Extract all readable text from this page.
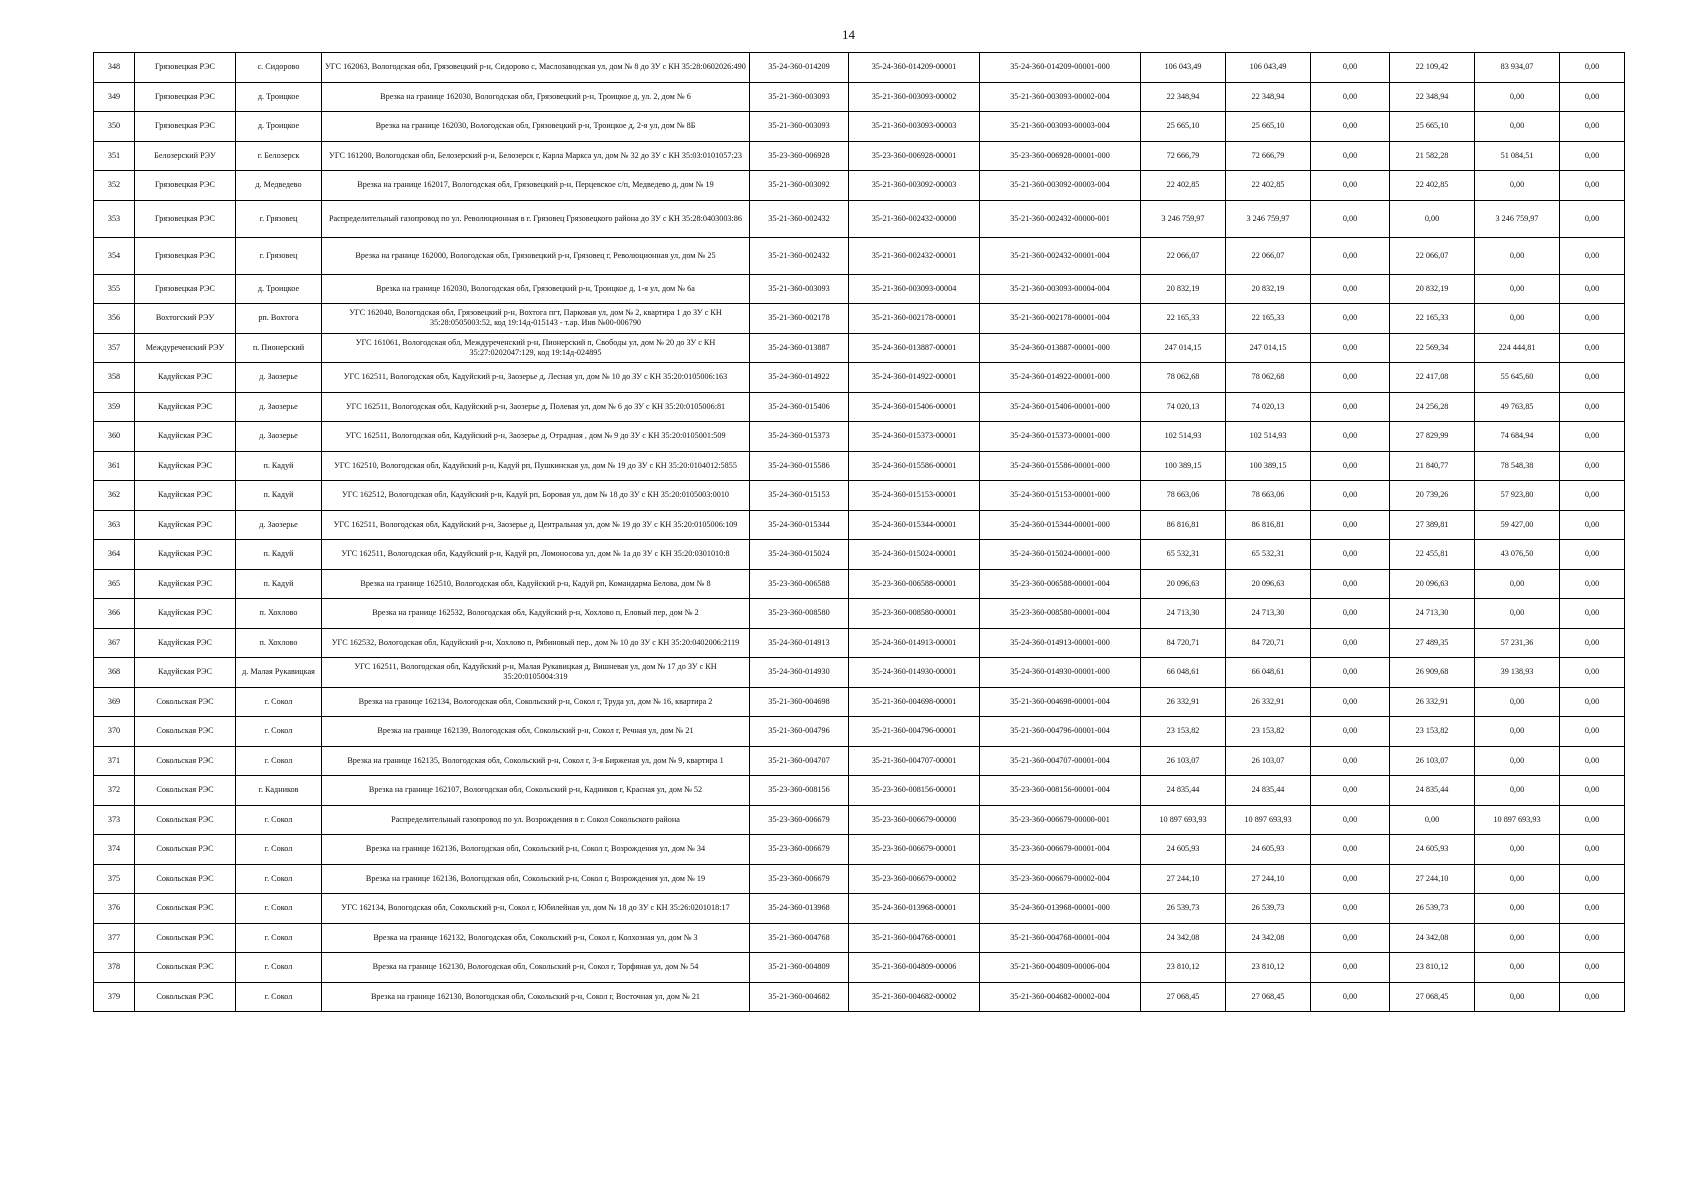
14
348	Грязовецкая РЭС	с. Сидорово	УГС 162063, Вологодская обл, Грязовецкий р-н, Сидорово с, Маслозаводская ул, дом № 8 до ЗУ с КН 35:28:0602026:490	35-24-360-014209	35-24-360-014209-00001	35-24-360-014209-00001-000	106 043,49	106 043,49	0,00	22 109,42	83 934,07	0,00
349	Грязовецкая РЭС	д. Троицкое	Врезка на границе 162030, Вологодская обл, Грязовецкий р-н, Троицкое д, ул. 2, дом № 6	35-21-360-003093	35-21-360-003093-00002	35-21-360-003093-00002-004	22 348,94	22 348,94	0,00	22 348,94	0,00	0,00
350	Грязовецкая РЭС	д. Троицкое	Врезка на границе 162030, Вологодская обл, Грязовецкий р-н, Троицкое д, 2-я ул, дом № 8Б	35-21-360-003093	35-21-360-003093-00003	35-21-360-003093-00003-004	25 665,10	25 665,10	0,00	25 665,10	0,00	0,00
351	Белозерский РЭУ	г. Белозерск	УГС 161200, Вологодская обл, Белозерский р-н, Белозерск г, Карла Маркса ул, дом № 32 до ЗУ с КН 35:03:0101057:23	35-23-360-006928	35-23-360-006928-00001	35-23-360-006928-00001-000	72 666,79	72 666,79	0,00	21 582,28	51 084,51	0,00
352	Грязовецкая РЭС	д. Медведево	Врезка на границе 162017, Вологодская обл, Грязовецкий р-н, Перцевское с/п, Медведево д, дом № 19	35-21-360-003092	35-21-360-003092-00003	35-21-360-003092-00003-004	22 402,85	22 402,85	0,00	22 402,85	0,00	0,00
353	Грязовецкая РЭС	г. Грязовец	Распределительный газопровод по ул. Революционная в г. Грязовец Грязовецкого района до ЗУ с КН 35:28:0403003:86	35-21-360-002432	35-21-360-002432-00000	35-21-360-002432-00000-001	3 246 759,97	3 246 759,97	0,00	0,00	3 246 759,97	0,00
354	Грязовецкая РЭС	г. Грязовец	Врезка на границе 162000, Вологодская обл, Грязовецкий р-н, Грязовец г, Революционная ул, дом № 25	35-21-360-002432	35-21-360-002432-00001	35-21-360-002432-00001-004	22 066,07	22 066,07	0,00	22 066,07	0,00	0,00
355	Грязовецкая РЭС	д. Троицкое	Врезка на границе 162030, Вологодская обл, Грязовецкий р-н, Троицкое д, 1-я ул, дом № 6а	35-21-360-003093	35-21-360-003093-00004	35-21-360-003093-00004-004	20 832,19	20 832,19	0,00	20 832,19	0,00	0,00
356	Вохтогский РЭУ	рп. Вохтога	УГС 162040, Вологодская обл, Грязовецкий р-н, Вохтога пгт, Парковая ул, дом № 2, квартира 1 до ЗУ с КН 35:28:0505003:52, код 19:14д-015143 - т.ар. Инв №00-006790	35-21-360-002178	35-21-360-002178-00001	35-21-360-002178-00001-004	22 165,33	22 165,33	0,00	22 165,33	0,00	0,00
357	Междуреченский РЭУ	п. Пионерский	УГС 161061, Вологодская обл, Междуреченский р-н, Пионерский п, Свободы ул, дом № 20 до ЗУ с КН 35:27:0202047:129, код 19:14д-024895	35-24-360-013887	35-24-360-013887-00001	35-24-360-013887-00001-000	247 014,15	247 014,15	0,00	22 569,34	224 444,81	0,00
358	Кадуйская РЭС	д. Заозерье	УГС 162511, Вологодская обл, Кадуйский р-н, Заозерье д, Лесная ул, дом № 10 до ЗУ с КН 35:20:0105006:163	35-24-360-014922	35-24-360-014922-00001	35-24-360-014922-00001-000	78 062,68	78 062,68	0,00	22 417,08	55 645,60	0,00
359	Кадуйская РЭС	д. Заозерье	УГС 162511, Вологодская обл, Кадуйский р-н, Заозерье д, Полевая ул, дом № 6 до ЗУ с КН 35:20:0105006:81	35-24-360-015406	35-24-360-015406-00001	35-24-360-015406-00001-000	74 020,13	74 020,13	0,00	24 256,28	49 763,85	0,00
360	Кадуйская РЭС	д. Заозерье	УГС 162511, Вологодская обл, Кадуйский р-н, Заозерье д, Отрадная , дом № 9 до ЗУ с КН 35:20:0105001:509	35-24-360-015373	35-24-360-015373-00001	35-24-360-015373-00001-000	102 514,93	102 514,93	0,00	27 829,99	74 684,94	0,00
361	Кадуйская РЭС	п. Кадуй	УГС 162510, Вологодская обл, Кадуйский р-н, Кадуй рп, Пушкинская ул, дом № 19 до ЗУ с КН 35:20:0104012:5855	35-24-360-015586	35-24-360-015586-00001	35-24-360-015586-00001-000	100 389,15	100 389,15	0,00	21 840,77	78 548,38	0,00
362	Кадуйская РЭС	п. Кадуй	УГС 162512, Вологодская обл, Кадуйский р-н, Кадуй рп, Боровая ул, дом № 18 до ЗУ с КН 35:20:0105003:0010	35-24-360-015153	35-24-360-015153-00001	35-24-360-015153-00001-000	78 663,06	78 663,06	0,00	20 739,26	57 923,80	0,00
363	Кадуйская РЭС	д. Заозерье	УГС 162511, Вологодская обл, Кадуйский р-н, Заозерье д, Центральная ул, дом № 19 до ЗУ с КН 35:20:0105006:109	35-24-360-015344	35-24-360-015344-00001	35-24-360-015344-00001-000	86 816,81	86 816,81	0,00	27 389,81	59 427,00	0,00
364	Кадуйская РЭС	п. Кадуй	УГС 162511, Вологодская обл, Кадуйский р-н, Кадуй рп, Ломоносова ул, дом № 1а до ЗУ с КН 35:20:0301010:8	35-24-360-015024	35-24-360-015024-00001	35-24-360-015024-00001-000	65 532,31	65 532,31	0,00	22 455,81	43 076,50	0,00
365	Кадуйская РЭС	п. Кадуй	Врезка на границе 162510, Вологодская обл, Кадуйский р-н, Кадуй рп, Командарма Белова, дом № 8	35-23-360-006588	35-23-360-006588-00001	35-23-360-006588-00001-004	20 096,63	20 096,63	0,00	20 096,63	0,00	0,00
366	Кадуйская РЭС	п. Хохлово	Врезка на границе 162532, Вологодская обл, Кадуйский р-н, Хохлово п, Еловый пер, дом № 2	35-23-360-008580	35-23-360-008580-00001	35-23-360-008580-00001-004	24 713,30	24 713,30	0,00	24 713,30	0,00	0,00
367	Кадуйская РЭС	п. Хохлово	УГС 162532, Вологодская обл, Кадуйский р-н, Хохлово п, Рябиновый пер., дом № 10 до ЗУ с КН 35:20:0402006:2119	35-24-360-014913	35-24-360-014913-00001	35-24-360-014913-00001-000	84 720,71	84 720,71	0,00	27 489,35	57 231,36	0,00
368	Кадуйская РЭС	д. Малая Рукавицкая	УГС 162511, Вологодская обл, Кадуйский р-н, Малая Рукавицкая д, Вишневая ул, дом № 17 до ЗУ с КН 35:20:0105004:319	35-24-360-014930	35-24-360-014930-00001	35-24-360-014930-00001-000	66 048,61	66 048,61	0,00	26 909,68	39 138,93	0,00
369	Сокольская РЭС	г. Сокол	Врезка на границе 162134, Вологодская обл, Сокольский р-н, Сокол г, Труда ул, дом № 16, квартира 2	35-21-360-004698	35-21-360-004698-00001	35-21-360-004698-00001-004	26 332,91	26 332,91	0,00	26 332,91	0,00	0,00
370	Сокольская РЭС	г. Сокол	Врезка на границе 162139, Вологодская обл, Сокольский р-н, Сокол г, Речная ул, дом № 21	35-21-360-004796	35-21-360-004796-00001	35-21-360-004796-00001-004	23 153,82	23 153,82	0,00	23 153,82	0,00	0,00
371	Сокольская РЭС	г. Сокол	Врезка на границе 162135, Вологодская обл, Сокольский р-н, Сокол г, 3-я Бирженая ул, дом № 9, квартира 1	35-21-360-004707	35-21-360-004707-00001	35-21-360-004707-00001-004	26 103,07	26 103,07	0,00	26 103,07	0,00	0,00
372	Сокольская РЭС	г. Кадников	Врезка на границе 162107, Вологодская обл, Сокольский р-н, Кадников г, Красная ул, дом № 52	35-23-360-008156	35-23-360-008156-00001	35-23-360-008156-00001-004	24 835,44	24 835,44	0,00	24 835,44	0,00	0,00
373	Сокольская РЭС	г. Сокол	Распределительный газопровод по ул. Возрождения в г. Сокол Сокольского района	35-23-360-006679	35-23-360-006679-00000	35-23-360-006679-00000-001	10 897 693,93	10 897 693,93	0,00	0,00	10 897 693,93	0,00
374	Сокольская РЭС	г. Сокол	Врезка на границе 162136, Вологодская обл, Сокольский р-н, Сокол г, Возрождения ул, дом № 34	35-23-360-006679	35-23-360-006679-00001	35-23-360-006679-00001-004	24 605,93	24 605,93	0,00	24 605,93	0,00	0,00
375	Сокольская РЭС	г. Сокол	Врезка на границе 162136, Вологодская обл, Сокольский р-н, Сокол г, Возрождения ул, дом № 19	35-23-360-006679	35-23-360-006679-00002	35-23-360-006679-00002-004	27 244,10	27 244,10	0,00	27 244,10	0,00	0,00
376	Сокольская РЭС	г. Сокол	УГС 162134, Вологодская обл, Сокольский р-н, Сокол г, Юбилейная ул, дом № 18 до ЗУ с КН 35:26:0201018:17	35-24-360-013968	35-24-360-013968-00001	35-24-360-013968-00001-000	26 539,73	26 539,73	0,00	26 539,73	0,00	0,00
377	Сокольская РЭС	г. Сокол	Врезка на границе 162132, Вологодская обл, Сокольский р-н, Сокол г, Колхозная ул, дом № 3	35-21-360-004768	35-21-360-004768-00001	35-21-360-004768-00001-004	24 342,08	24 342,08	0,00	24 342,08	0,00	0,00
378	Сокольская РЭС	г. Сокол	Врезка на границе 162130, Вологодская обл, Сокольский р-н, Сокол г, Торфяная ул, дом № 54	35-21-360-004809	35-21-360-004809-00006	35-21-360-004809-00006-004	23 810,12	23 810,12	0,00	23 810,12	0,00	0,00
379	Сокольская РЭС	г. Сокол	Врезка на границе 162130, Вологодская обл, Сокольский р-н, Сокол г, Восточная ул, дом № 21	35-21-360-004682	35-21-360-004682-00002	35-21-360-004682-00002-004	27 068,45	27 068,45	0,00	27 068,45	0,00	0,00
